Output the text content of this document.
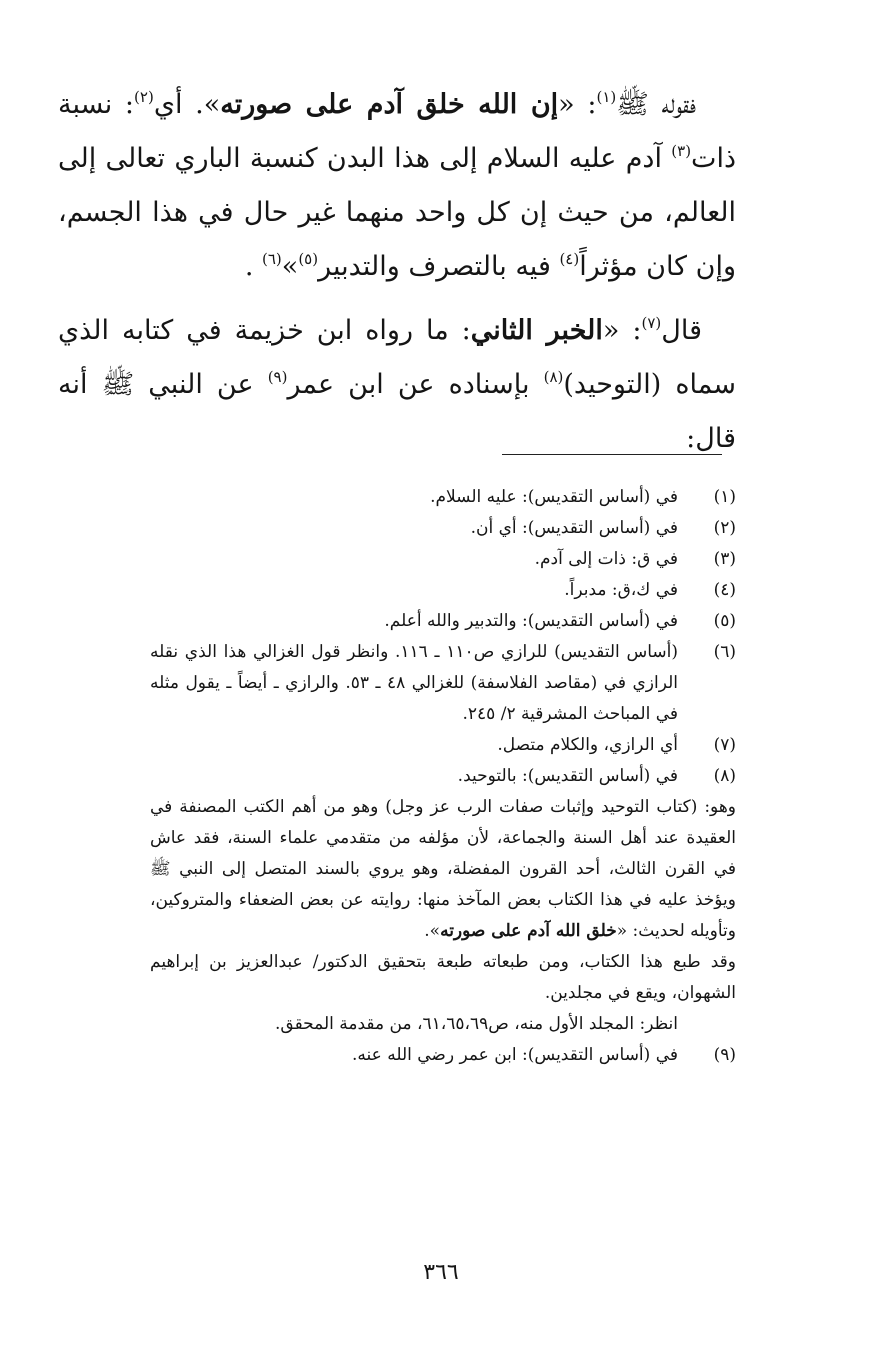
فقوله ﷺ$^{(١)}$: «إن الله خلق آدم على صورته». أي$^{(٢)}$: نسبة ذات$^{(٣)}$ آدم عليه السلام إلى هذا البدن كنسبة الباري تعالى إلى العالم، من حيث إن كل واحد منهما غير حال في هذا الجسم، وإن كان مؤثراً$^{(٤)}$ فيه بالتصرف والتدبير$^{(٥)}$»$^{(٦)}$ .

قال$^{(٧)}$: «الخبر الثاني: ما رواه ابن خزيمة في كتابه الذي سماه (التوحيد)$^{(٨)}$ بإسناده عن ابن عمر$^{(٩)}$ عن النبي ﷺ أنه قال:

(١)
في (أساس التقديس): عليه السلام.
(٢)
في (أساس التقديس): أي أن.
(٣)
في ق: ذات إلى آدم.
(٤)
في ك،ق: مدبراً.
(٥)
في (أساس التقديس): والتدبير والله أعلم.
(٦)
(أساس التقديس) للرازي ص١١٠ ـ ١١٦. وانظر قول الغزالي هذا الذي نقله الرازي في (مقاصد الفلاسفة) للغزالي ٤٨ ـ ٥٣. والرازي ـ أيضاً ـ يقول مثله في المباحث المشرقية ٢/ ٢٤٥.
(٧)
أي الرازي، والكلام متصل.
(٨)
في (أساس التقديس): بالتوحيد.
وهو: (كتاب التوحيد وإثبات صفات الرب عز وجل) وهو من أهم الكتب المصنفة في العقيدة عند أهل السنة والجماعة، لأن مؤلفه من متقدمي علماء السنة، فقد عاش في القرن الثالث، أحد القرون المفضلة، وهو يروي بالسند المتصل إلى النبي ﷺ ويؤخذ عليه في هذا الكتاب بعض المآخذ منها: روايته عن بعض الضعفاء والمتروكين، وتأويله لحديث: «خلق الله آدم على صورته».
وقد طبع هذا الكتاب، ومن طبعاته طبعة بتحقيق الدكتور/ عبدالعزيز بن إبراهيم الشهوان، ويقع في مجلدين.
انظر: المجلد الأول منه، ص٦١،٦٥،٦٩، من مقدمة المحقق.
(٩)
في (أساس التقديس): ابن عمر رضي الله عنه.
٣٦٦
